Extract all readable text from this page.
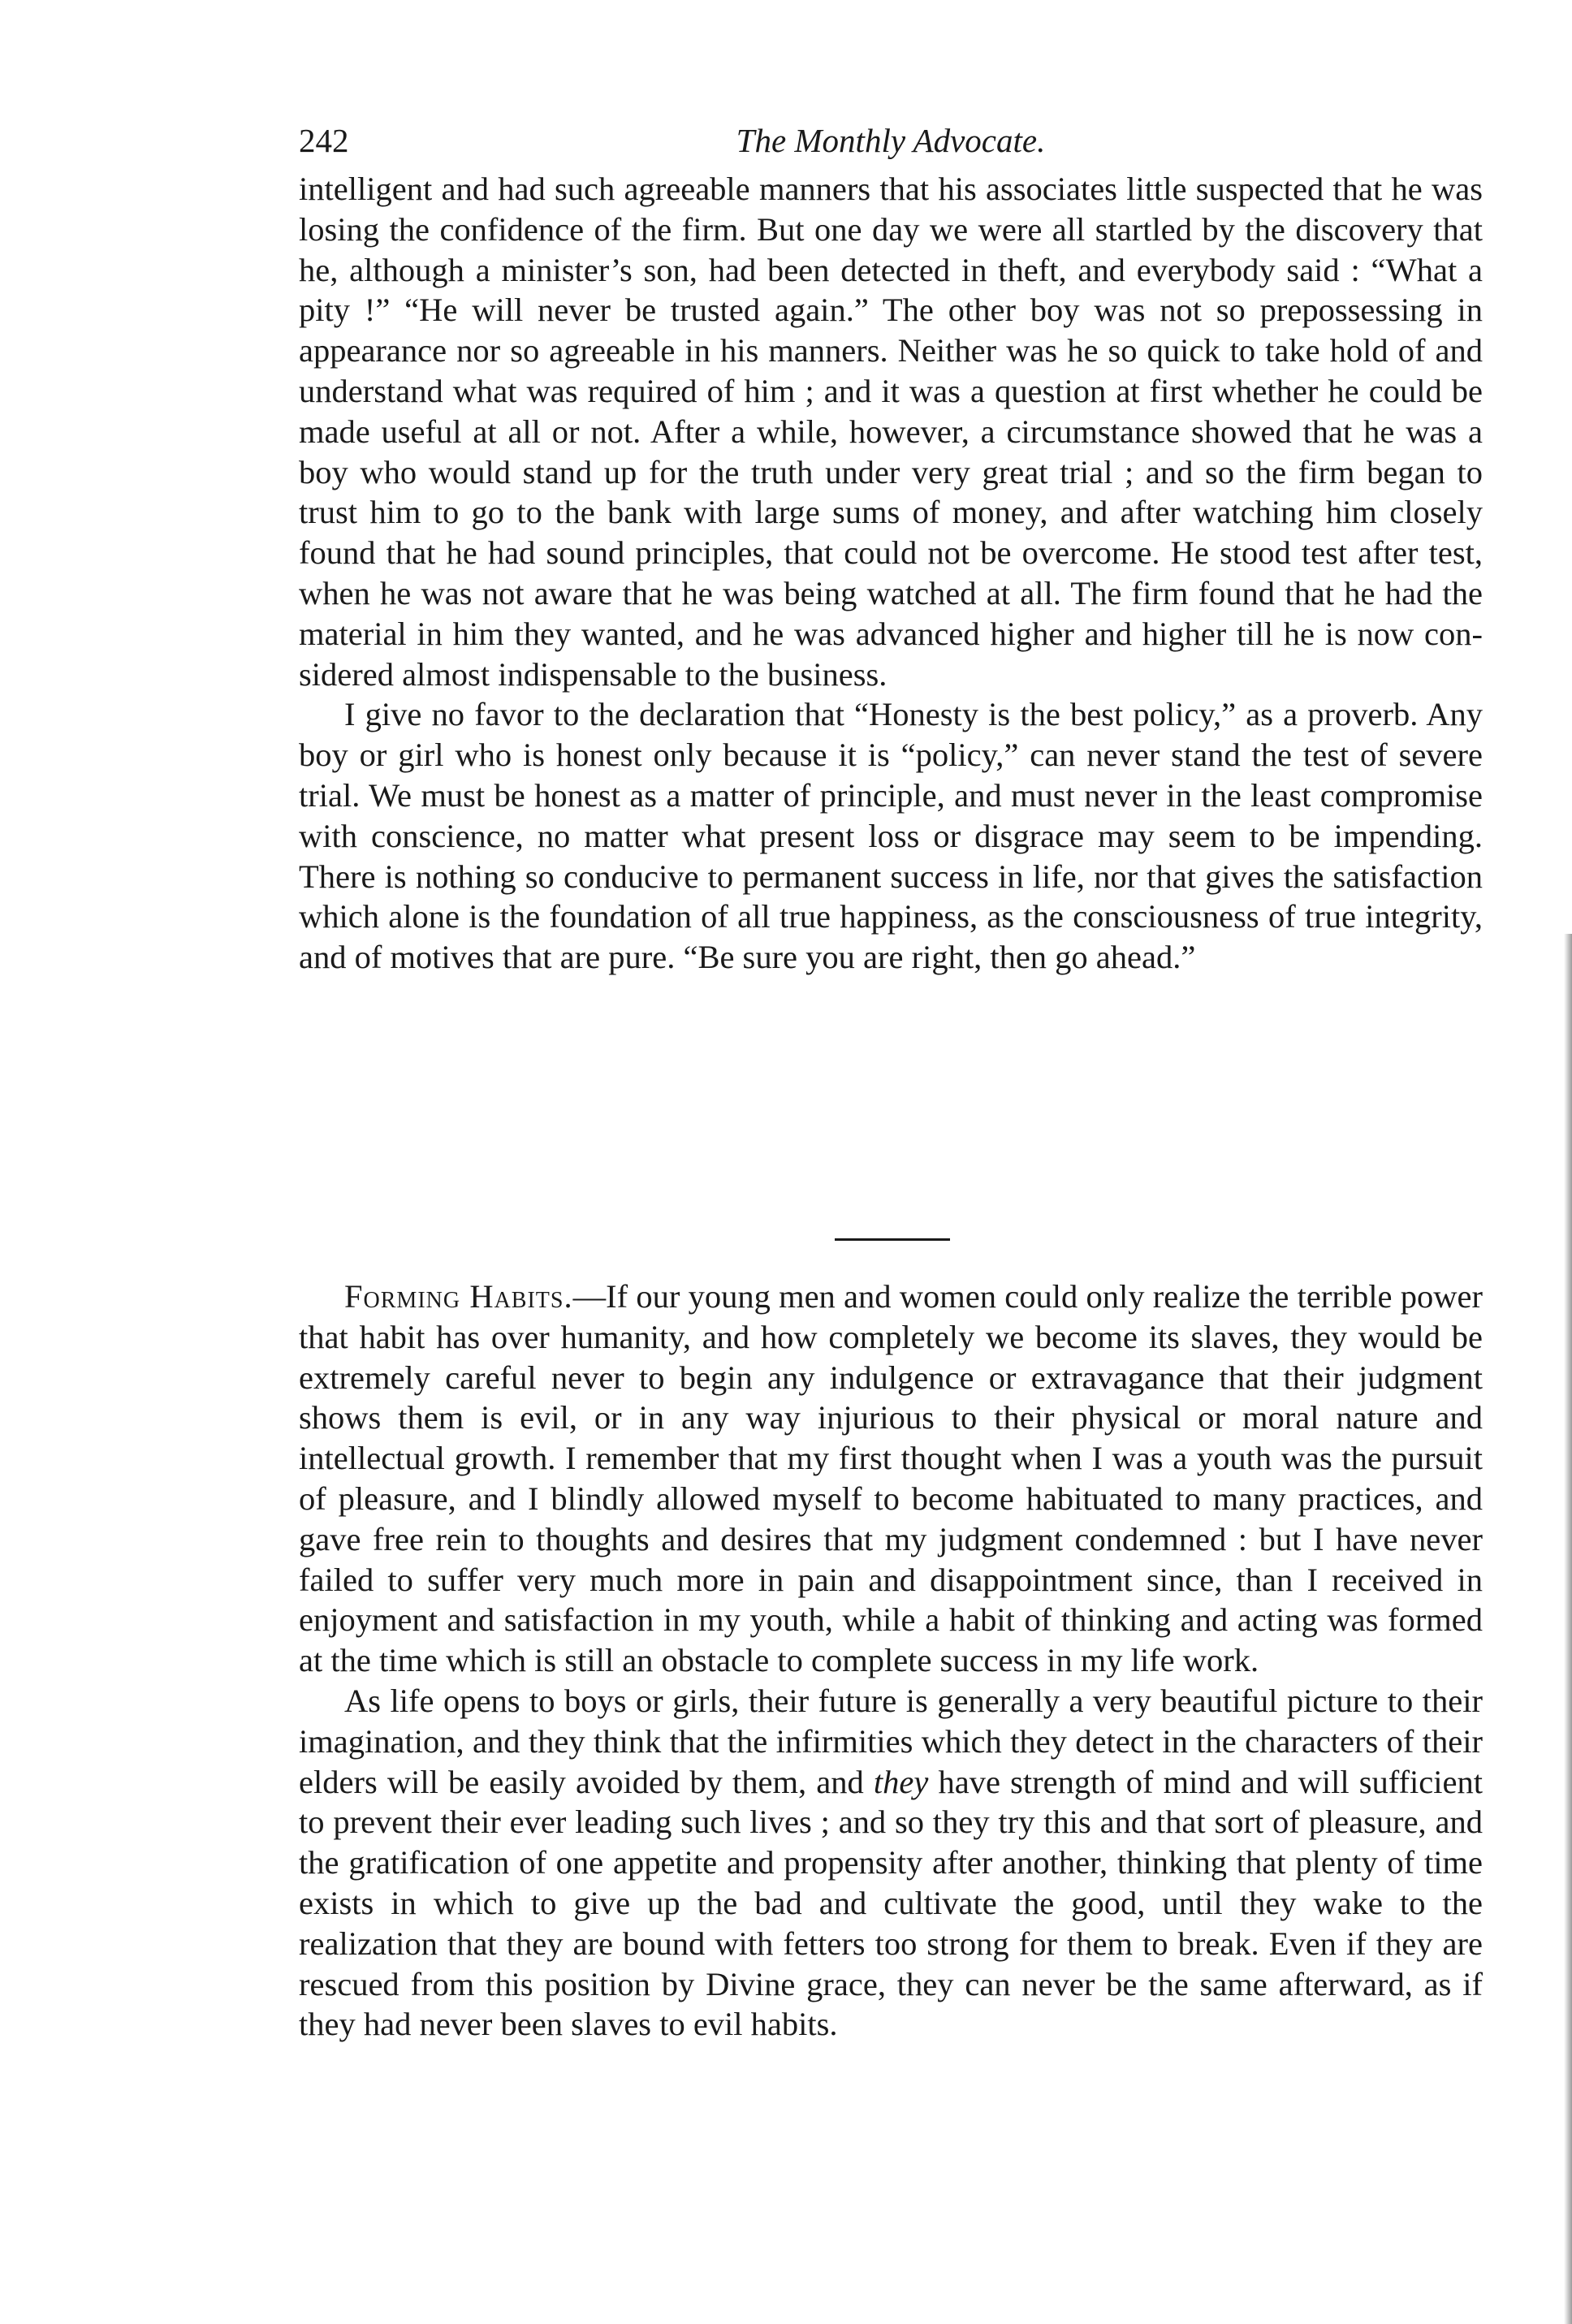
242	The Monthly Advocate.

intelligent and had such agreeable manners that his associates little suspected that he was losing the confidence of the firm. But one day we were all startled by the discovery that he, although a minister’s son, had been detected in theft, and everybody said : “What a pity !” “He will never be trusted again.” The other boy was not so prepossessing in appearance nor so agreeable in his manners. Neither was he so quick to take hold of and understand what was required of him ; and it was a question at first whether he could be made useful at all or not. After a while, however, a circumstance showed that he was a boy who would stand up for the truth under very great trial ; and so the firm began to trust him to go to the bank with large sums of money, and after watching him closely found that he had sound principles, that could not be overcome. He stood test after test, when he was not aware that he was being watched at all. The firm found that he had the material in him they wanted, and he was advanced higher and higher till he is now considered almost indispensable to the business.

I give no favor to the declaration that “Honesty is the best policy,” as a proverb. Any boy or girl who is honest only because it is “policy,” can never stand the test of severe trial. We must be honest as a matter of principle, and must never in the least compromise with conscience, no matter what present loss or disgrace may seem to be impending. There is nothing so conducive to permanent success in life, nor that gives the satisfaction which alone is the foundation of all true happiness, as the consciousness of true integrity, and of motives that are pure. “Be sure you are right, then go ahead.”

Forming Habits.—If our young men and women could only realize the terrible power that habit has over humanity, and how completely we become its slaves, they would be extremely careful never to begin any indulgence or extravagance that their judgment shows them is evil, or in any way injurious to their physical or moral nature and intellectual growth. I remember that my first thought when I was a youth was the pursuit of pleasure, and I blindly allowed myself to become habituated to many practices, and gave free rein to thoughts and desires that my judgment condemned : but I have never failed to suffer very much more in pain and disappointment since, than I received in enjoyment and satisfaction in my youth, while a habit of thinking and acting was formed at the time which is still an obstacle to complete success in my life work.

As life opens to boys or girls, their future is generally a very beautiful picture to their imagination, and they think that the infirmities which they detect in the characters of their elders will be easily avoided by them, and they have strength of mind and will sufficient to prevent their ever leading such lives ; and so they try this and that sort of pleasure, and the gratification of one appetite and propensity after another, thinking that plenty of time exists in which to give up the bad and cultivate the good, until they wake to the realization that they are bound with fetters too strong for them to break. Even if they are rescued from this position by Divine grace, they can never be the same afterward, as if they had never been slaves to evil habits.
